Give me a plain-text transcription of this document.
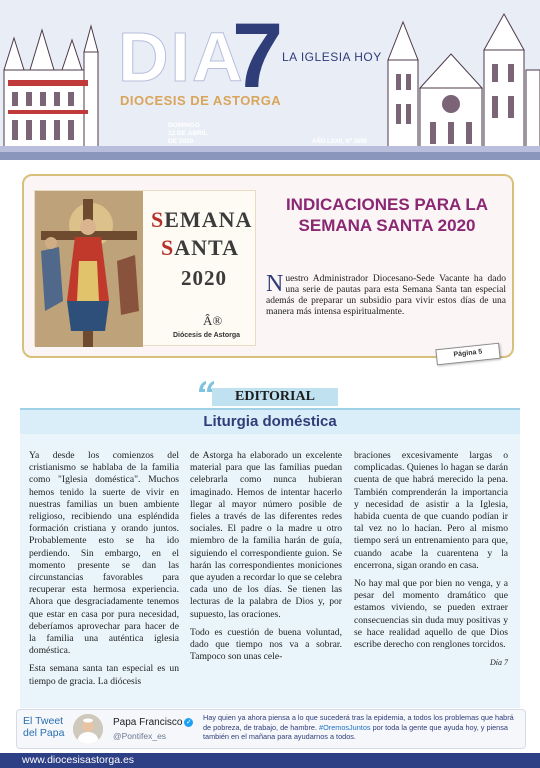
DIA
7
LA IGLESIA HOY
DIOCESIS DE ASTORGA
DOMINGO
12 DE ABRIL
DE 2020	AÑO LXXII, Nº 3699
SEMANA
SANTA
2020
Â®
Diócesis de Astorga
INDICACIONES PARA LA SEMANA SANTA 2020

Nuestro Administrador Diocesano-Sede Vacante ha dado una serie de pautas para esta Semana Santa tan especial además de preparar un subsidio para vivir estos días de una manera más intensa espiritualmente.

Página 5
EDITORIAL
Liturgia doméstica

Ya desde los comienzos del cristianismo se hablaba de la familia como "Iglesia doméstica". Muchos hemos tenido la suerte de vivir en nuestras familias un buen ambiente religioso, recibiendo una espléndida formación cristiana y orando juntos. Probablemente esto se ha ido perdiendo. Sin embargo, en el momento presente se dan las circunstancias favorables para recuperar esta hermosa experiencia. Ahora que desgraciadamente tenemos que estar en casa por pura necesidad, deberíamos aprovechar para hacer de la familia una auténtica iglesia doméstica.

Esta semana santa tan especial es un tiempo de gracia. La diócesis

de Astorga ha elaborado un excelente material para que las familias puedan celebrarla como nunca hubieran imaginado. Hemos de intentar hacerlo llegar al mayor número posible de fieles a través de las diferentes redes sociales. El padre o la madre u otro miembro de la familia harán de guía, siguiendo el correspondiente guion. Se harán las correspondientes moniciones que ayuden a recordar lo que se celebra cada uno de los días. Se tienen las lecturas de la palabra de Dios y, por supuesto, las oraciones.

Todo es cuestión de buena voluntad, dado que tiempo nos va a sobrar. Tampoco son unas cele-

braciones excesivamente largas o complicadas. Quienes lo hagan se darán cuenta de que habrá merecido la pena. También comprenderán la importancia y necesidad de asistir a la Iglesia, habida cuenta de que cuando podían ir tal vez no lo hacían. Pero al mismo tiempo será un entrenamiento para que, cuando acabe la cuarentena y la encerrona, sigan orando en casa.

No hay mal que por bien no venga, y a pesar del momento dramático que estamos viviendo, se pueden extraer consecuencias sin duda muy positivas y se hace realidad aquello de que Dios escribe derecho con renglones torcidos.

Día 7

El Tweet
del Papa
Papa Francisco ✓
@Pontifex_es

Hay quien ya ahora piensa a lo que sucederá tras la epidemia, a todos los problemas que habrá de pobreza, de trabajo, de hambre. #OremosJuntos por toda la gente que ayuda hoy, y piensa también en el mañana para ayudarnos a todos.

www.diocesisastorga.es
